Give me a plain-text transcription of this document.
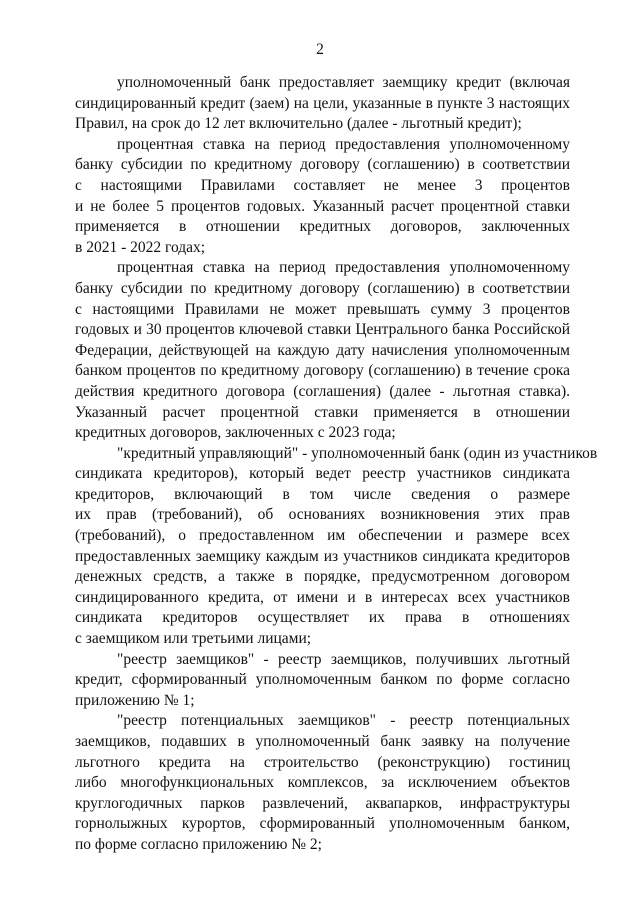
2
уполномоченный банк предоставляет заемщику кредит (включая
синдицированный кредит (заем) на цели, указанные в пункте 3 настоящих
Правил, на срок до 12 лет включительно (далее - льготный кредит);
процентная ставка на период предоставления уполномоченному
банку субсидии по кредитному договору (соглашению) в соответствии
с настоящими Правилами составляет не менее 3 процентов
и не более 5 процентов годовых. Указанный расчет процентной ставки
применяется в отношении кредитных договоров, заключенных
в 2021 - 2022 годах;
процентная ставка на период предоставления уполномоченному
банку субсидии по кредитному договору (соглашению) в соответствии
с настоящими Правилами не может превышать сумму 3 процентов
годовых и 30 процентов ключевой ставки Центрального банка Российской
Федерации, действующей на каждую дату начисления уполномоченным
банком процентов по кредитному договору (соглашению) в течение срока
действия кредитного договора (соглашения) (далее - льготная ставка).
Указанный расчет процентной ставки применяется в отношении
кредитных договоров, заключенных с 2023 года;
"кредитный управляющий" - уполномоченный банк (один из участников
синдиката кредиторов), который ведет реестр участников синдиката
кредиторов, включающий в том числе сведения о размере
их прав (требований), об основаниях возникновения этих прав
(требований), о предоставленном им обеспечении и размере всех
предоставленных заемщику каждым из участников синдиката кредиторов
денежных средств, а также в порядке, предусмотренном договором
синдицированного кредита, от имени и в интересах всех участников
синдиката кредиторов осуществляет их права в отношениях
с заемщиком или третьими лицами;
"реестр заемщиков" - реестр заемщиков, получивших льготный
кредит, сформированный уполномоченным банком по форме согласно
приложению № 1;
"реестр потенциальных заемщиков" - реестр потенциальных
заемщиков, подавших в уполномоченный банк заявку на получение
льготного кредита на строительство (реконструкцию) гостиниц
либо многофункциональных комплексов, за исключением объектов
круглогодичных парков развлечений, аквапарков, инфраструктуры
горнолыжных курортов, сформированный уполномоченным банком,
по форме согласно приложению № 2;
